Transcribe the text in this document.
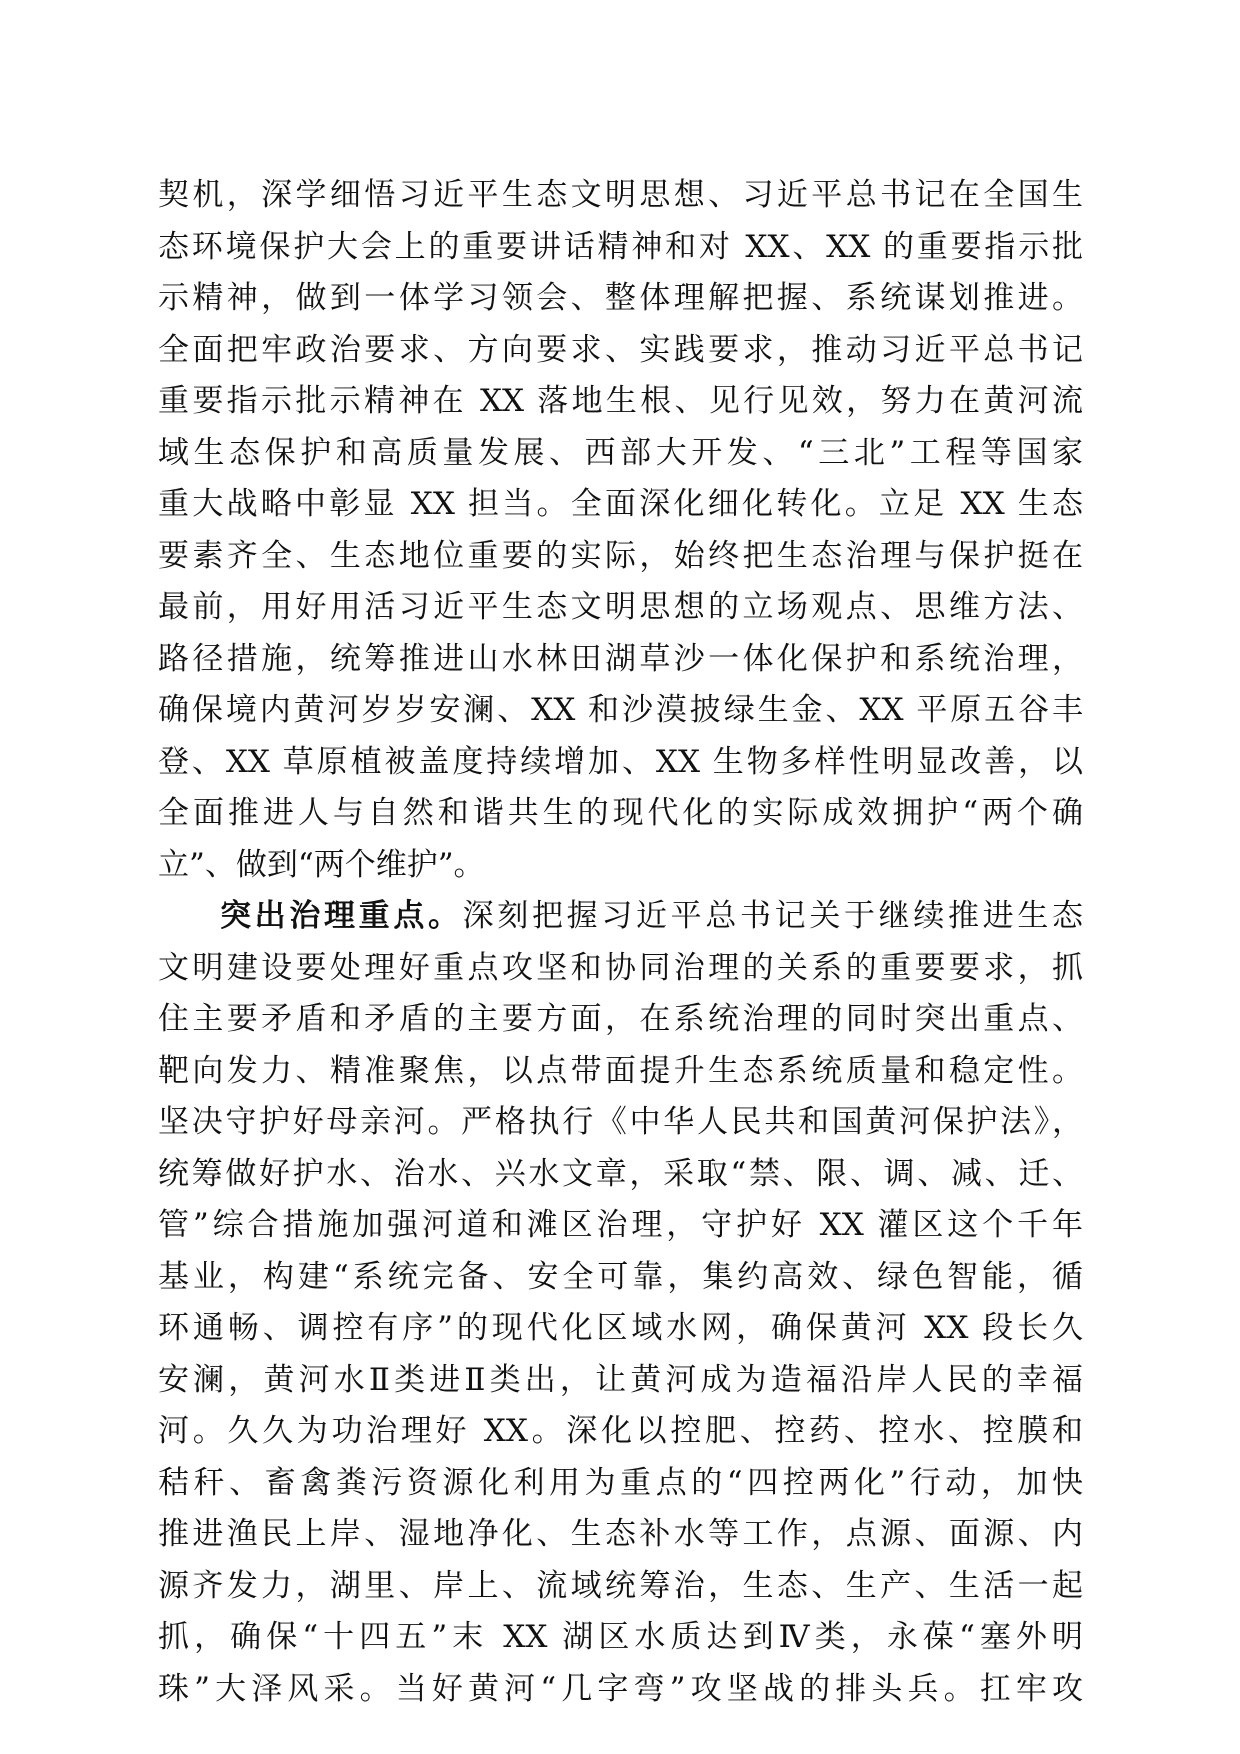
契机，深学细悟习近平生态文明思想、习近平总书记在全国生
态环境保护大会上的重要讲话精神和对 XX、XX 的重要指示批
示精神，做到一体学习领会、整体理解把握、系统谋划推进。
全面把牢政治要求、方向要求、实践要求，推动习近平总书记
重要指示批示精神在 XX 落地生根、见行见效，努力在黄河流
域生态保护和高质量发展、西部大开发、“三北”工程等国家
重大战略中彰显 XX 担当。全面深化细化转化。立足 XX 生态
要素齐全、生态地位重要的实际，始终把生态治理与保护挺在
最前，用好用活习近平生态文明思想的立场观点、思维方法、
路径措施，统筹推进山水林田湖草沙一体化保护和系统治理，
确保境内黄河岁岁安澜、XX 和沙漠披绿生金、XX 平原五谷丰
登、XX 草原植被盖度持续增加、XX 生物多样性明显改善，以
全面推进人与自然和谐共生的现代化的实际成效拥护“两个确
立”、做到“两个维护”。
突出治理重点。深刻把握习近平总书记关于继续推进生态
文明建设要处理好重点攻坚和协同治理的关系的重要要求，抓
住主要矛盾和矛盾的主要方面，在系统治理的同时突出重点、
靶向发力、精准聚焦，以点带面提升生态系统质量和稳定性。
坚决守护好母亲河。严格执行《中华人民共和国黄河保护法》，
统筹做好护水、治水、兴水文章，采取“禁、限、调、减、迁、
管”综合措施加强河道和滩区治理，守护好 XX 灌区这个千年
基业，构建“系统完备、安全可靠，集约高效、绿色智能，循
环通畅、调控有序”的现代化区域水网，确保黄河 XX 段长久
安澜，黄河水Ⅱ类进Ⅱ类出，让黄河成为造福沿岸人民的幸福
河。久久为功治理好 XX。深化以控肥、控药、控水、控膜和
秸秆、畜禽粪污资源化利用为重点的“四控两化”行动，加快
推进渔民上岸、湿地净化、生态补水等工作，点源、面源、内
源齐发力，湖里、岸上、流域统筹治，生态、生产、生活一起
抓，确保“十四五”末 XX 湖区水质达到Ⅳ类，永葆“塞外明
珠”大泽风采。当好黄河“几字弯”攻坚战的排头兵。扛牢攻
